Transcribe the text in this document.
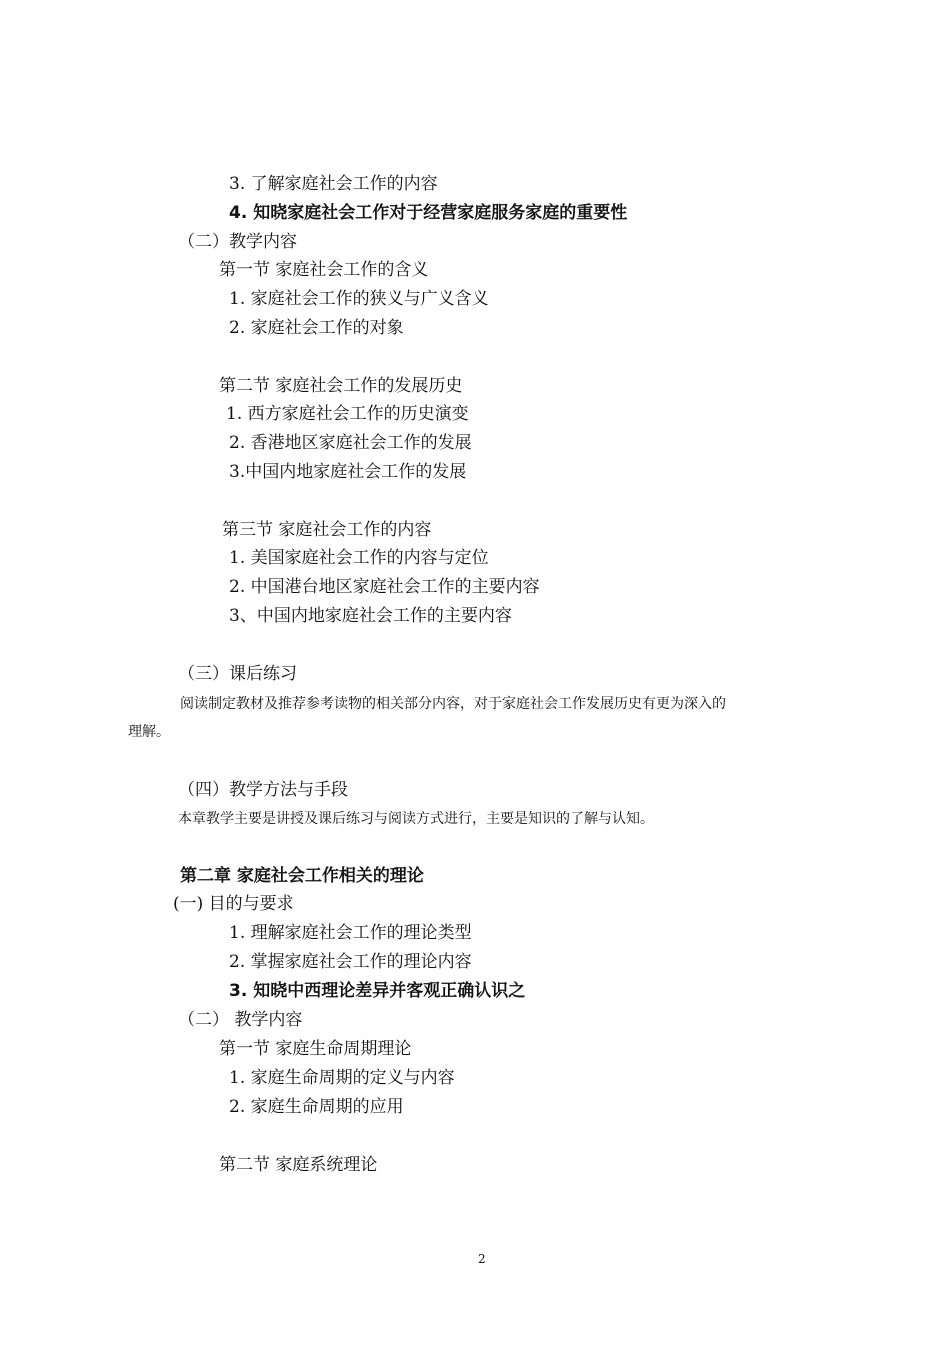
3. 了解家庭社会工作的内容
4. 知晓家庭社会工作对于经营家庭服务家庭的重要性
（二）教学内容
第一节 家庭社会工作的含义
1. 家庭社会工作的狭义与广义含义
2. 家庭社会工作的对象
第二节 家庭社会工作的发展历史
1. 西方家庭社会工作的历史演变
2. 香港地区家庭社会工作的发展
3.中国内地家庭社会工作的发展
第三节 家庭社会工作的内容
1. 美国家庭社会工作的内容与定位
2. 中国港台地区家庭社会工作的主要内容
3、中国内地家庭社会工作的主要内容
（三）课后练习
阅读制定教材及推荐参考读物的相关部分内容，对于家庭社会工作发展历史有更为深入的
理解。
（四）教学方法与手段
本章教学主要是讲授及课后练习与阅读方式进行，主要是知识的了解与认知。
第二章 家庭社会工作相关的理论
(一) 目的与要求
1. 理解家庭社会工作的理论类型
2. 掌握家庭社会工作的理论内容
3. 知晓中西理论差异并客观正确认识之
（二） 教学内容
第一节 家庭生命周期理论
1. 家庭生命周期的定义与内容
2. 家庭生命周期的应用
第二节 家庭系统理论
2
